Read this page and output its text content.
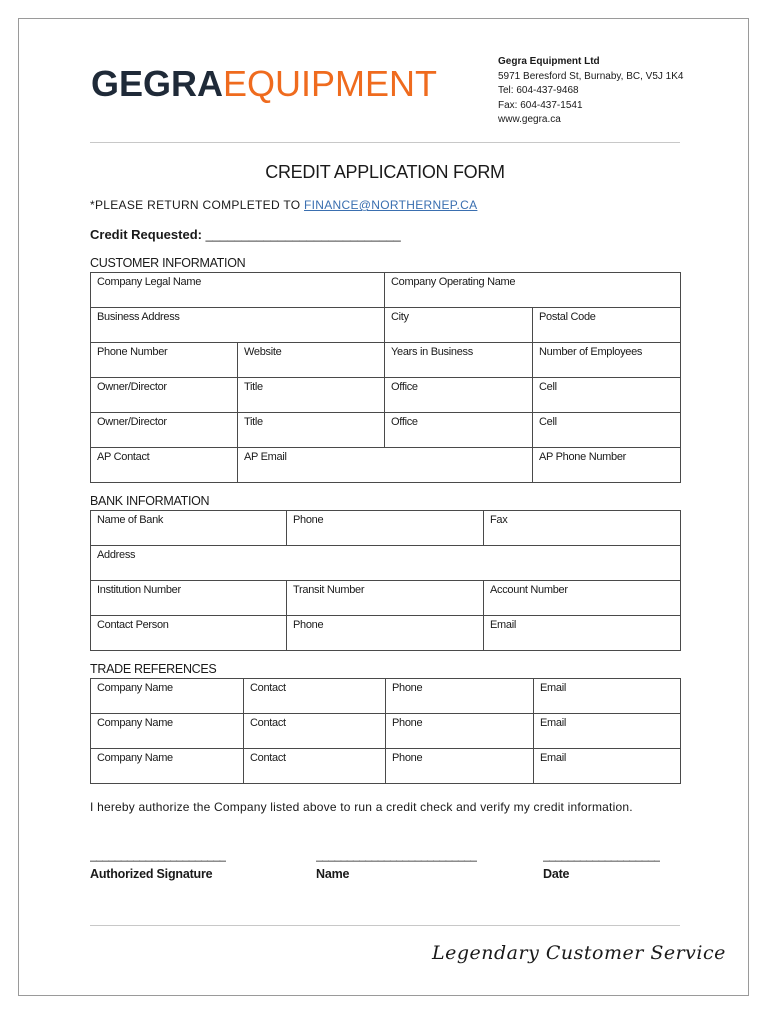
GEGRAEQUIPMENT
Gegra Equipment Ltd
5971 Beresford St, Burnaby, BC, V5J 1K4
Tel: 604-437-9468
Fax: 604-437-1541
www.gegra.ca
CREDIT APPLICATION FORM
*PLEASE RETURN COMPLETED TO FINANCE@NORTHERNEP.CA
Credit Requested: ___________________________
CUSTOMER INFORMATION
Company Legal Name		Company Operating Name	
Business Address		City	Postal Code
Phone Number	Website	Years in Business	Number of Employees
Owner/Director	Title	Office	Cell
Owner/Director	Title	Office	Cell
AP Contact	AP Email		AP Phone Number
BANK INFORMATION
Name of Bank	Phone	Fax
Address		
Institution Number	Transit Number	Account Number
Contact Person	Phone	Email
TRADE REFERENCES
Company Name	Contact	Phone	Email
Company Name	Contact	Phone	Email
Company Name	Contact	Phone	Email
I hereby authorize the Company listed above to run a credit check and verify my credit information.
______________________	__________________________	___________________
Authorized Signature	Name	Date
Legendary Customer Service
